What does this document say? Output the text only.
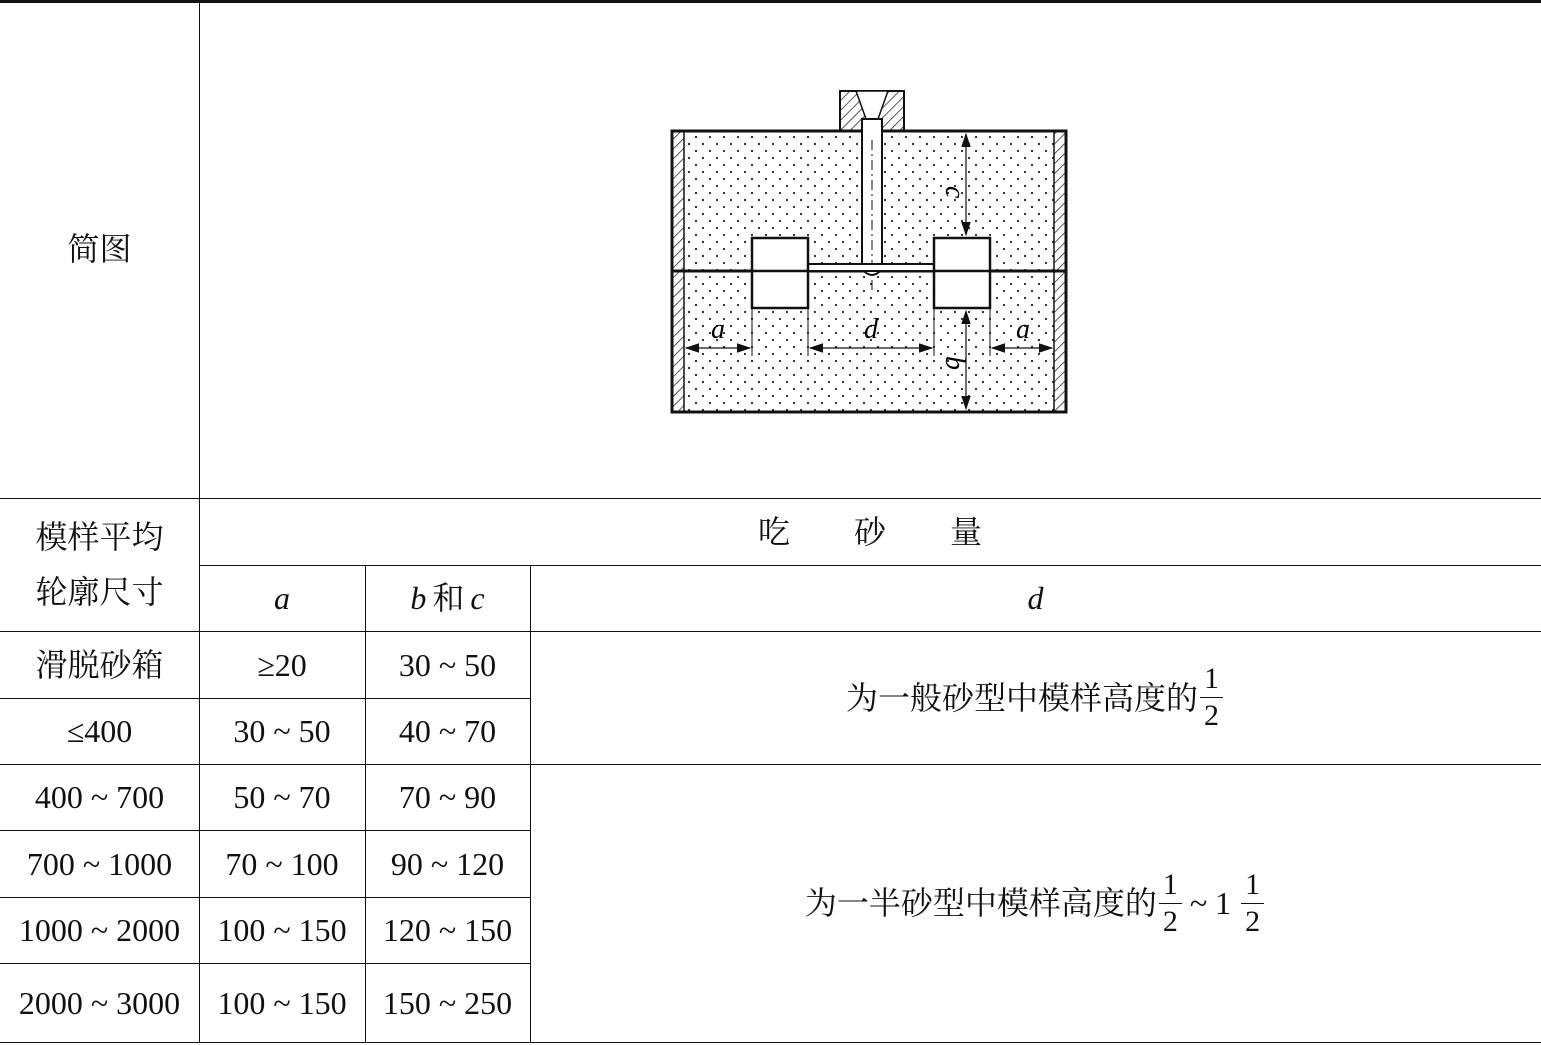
简图
a	d	a
c
b
模样平均
轮廓尺寸
吃 砂 量
a	b 和 c	d
滑脱砂箱	≥20	30 ~ 50
≤400	30 ~ 50	40 ~ 70
400 ~ 700	50 ~ 70	70 ~ 90
700 ~ 1000	70 ~ 100	90 ~ 120
1000 ~ 2000	100 ~ 150	120 ~ 150
2000 ~ 3000	100 ~ 150	150 ~ 250
为一般砂型中模样高度的 $\frac{1}{2}$
为一半砂型中模样高度的 $\frac{1}{2}$ ~ $1 \frac{1}{2}$
